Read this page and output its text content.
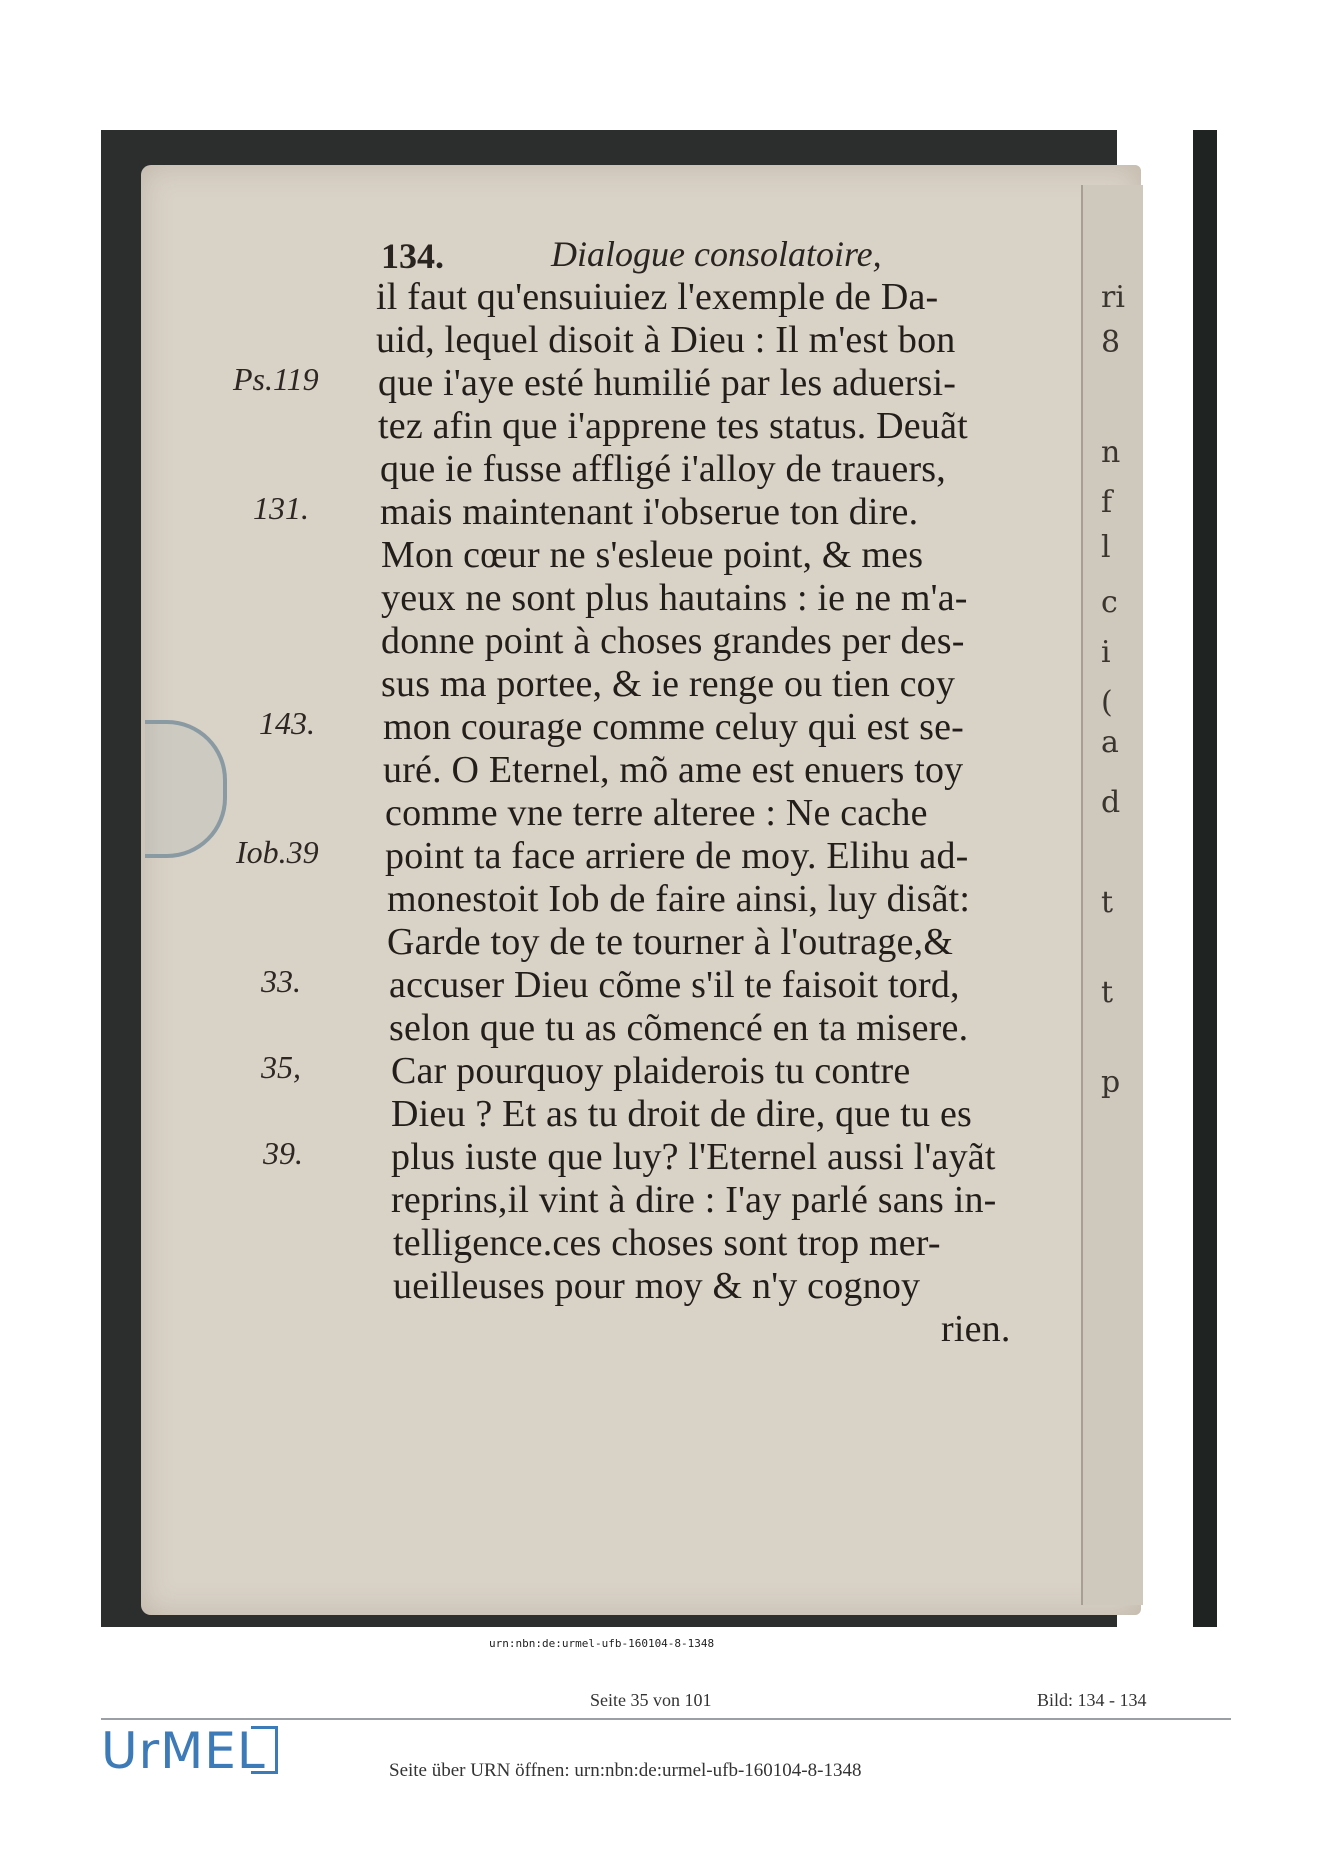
134.	Dialogue consolatoire,
il faut qu'ensuiuiez l'exemple de Da-
uid, lequel disoit à Dieu : Il m'est bon
que i'aye esté humilié par les aduersi-
tez afin que i'apprene tes status. Deuãt
que ie fusse affligé i'alloy de trauers,
mais maintenant i'obserue ton dire.
Mon cœur ne s'esleue point, & mes
yeux ne sont plus hautains : ie ne m'a-
donne point à choses grandes per des-
sus ma portee, & ie renge ou tien coy
mon courage comme celuy qui est se-
uré. O Eternel, mõ ame est enuers toy
comme vne terre alteree : Ne cache
point ta face arriere de moy. Elihu ad-
monestoit Iob de faire ainsi, luy disãt:
Garde toy de te tourner à l'outrage,&
accuser Dieu cõme s'il te faisoit tord,
selon que tu as cõmencé en ta misere.
Car pourquoy plaiderois tu contre
Dieu ? Et as tu droit de dire, que tu es
plus iuste que luy? l'Eternel aussi l'ayãt
reprins,il vint à dire : I'ay parlé sans in-
telligence.ces choses sont trop mer-
ueilleuses pour moy & n'y cognoy
rien.
Ps.119
131.
143.
Iob.39
33.
35,
39.
ri
8
n
f
l
c
i
(
a
d
t
t
p
urn:nbn:de:urmel-ufb-160104-8-1348
Seite 35 von 101	Bild: 134 - 134
UrMEL	Seite über URN öffnen: urn:nbn:de:urmel-ufb-160104-8-1348
